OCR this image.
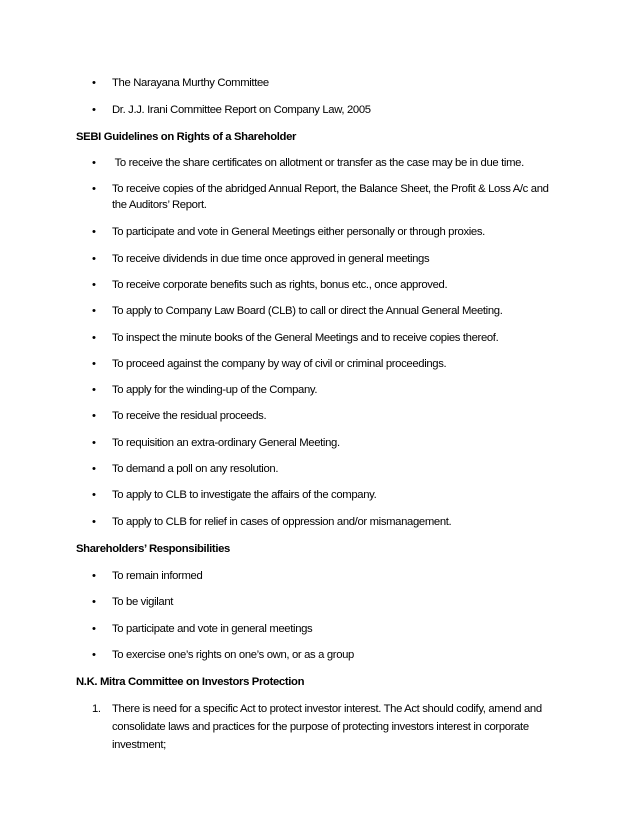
• The Narayana Murthy Committee
• Dr. J.J. Irani Committee Report on Company Law, 2005
SEBI Guidelines on Rights of a Shareholder
• To receive the share certificates on allotment or transfer as the case may be in due time.
• To receive copies of the abridged Annual Report, the Balance Sheet, the Profit & Loss A/c and the Auditors’ Report.
• To participate and vote in General Meetings either personally or through proxies.
• To receive dividends in due time once approved in general meetings
• To receive corporate benefits such as rights, bonus etc., once approved.
• To apply to Company Law Board (CLB) to call or direct the Annual General Meeting.
• To inspect the minute books of the General Meetings and to receive copies thereof.
• To proceed against the company by way of civil or criminal proceedings.
• To apply for the winding-up of the Company.
• To receive the residual proceeds.
• To requisition an extra-ordinary General Meeting.
• To demand a poll on any resolution.
• To apply to CLB to investigate the affairs of the company.
• To apply to CLB for relief in cases of oppression and/or mismanagement.
Shareholders’ Responsibilities
• To remain informed
• To be vigilant
• To participate and vote in general meetings
• To exercise one’s rights on one’s own, or as a group
N.K. Mitra Committee on Investors Protection
1. There is need for a specific Act to protect investor interest. The Act should codify, amend and consolidate laws and practices for the purpose of protecting investors interest in corporate investment;
